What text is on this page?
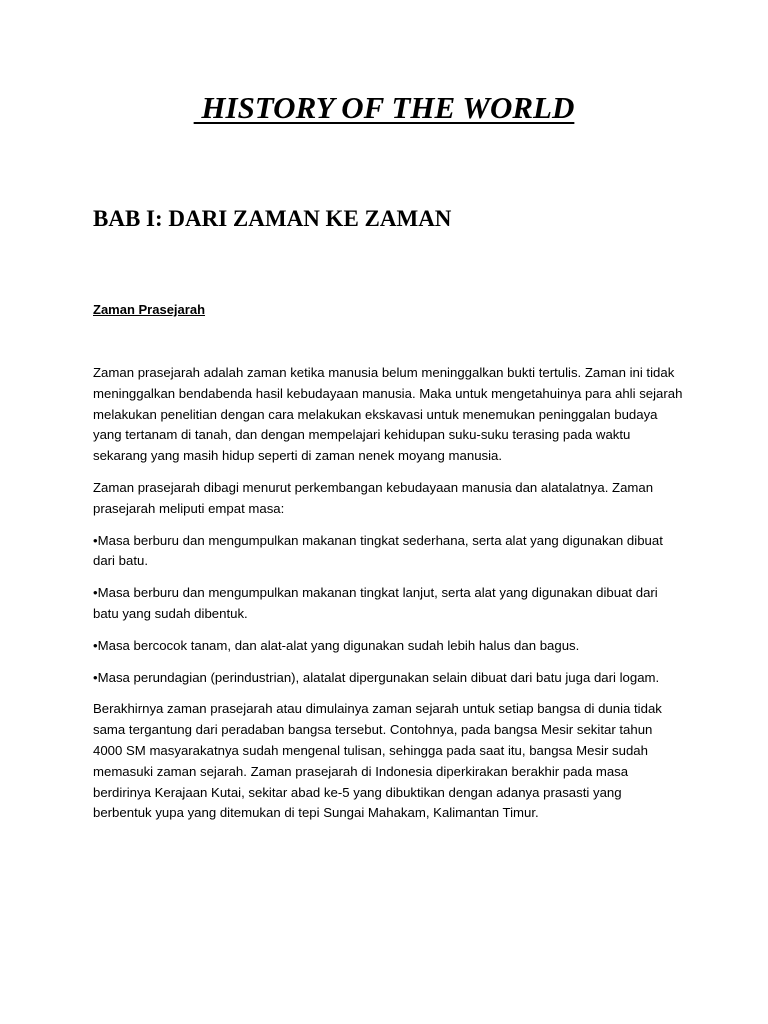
HISTORY OF THE WORLD
BAB I: DARI ZAMAN KE ZAMAN
Zaman Prasejarah

Zaman prasejarah adalah zaman ketika manusia belum meninggalkan bukti tertulis. Zaman ini tidak meninggalkan bendabenda hasil kebudayaan manusia. Maka untuk mengetahuinya para ahli sejarah melakukan penelitian dengan cara melakukan ekskavasi untuk menemukan peninggalan budaya yang tertanam di tanah, dan dengan mempelajari kehidupan suku-suku terasing pada waktu sekarang yang masih hidup seperti di zaman nenek moyang manusia.

Zaman prasejarah dibagi menurut perkembangan kebudayaan manusia dan alatalatnya. Zaman prasejarah meliputi empat masa:

•Masa berburu dan mengumpulkan makanan tingkat sederhana, serta alat yang digunakan dibuat dari batu.

•Masa berburu dan mengumpulkan makanan tingkat lanjut, serta alat yang digunakan dibuat dari batu yang sudah dibentuk.

•Masa bercocok tanam, dan alat-alat yang digunakan sudah lebih halus dan bagus.

•Masa perundagian (perindustrian), alatalat dipergunakan selain dibuat dari batu juga dari logam.

Berakhirnya zaman prasejarah atau dimulainya zaman sejarah untuk setiap bangsa di dunia tidak sama tergantung dari peradaban bangsa tersebut. Contohnya, pada bangsa Mesir sekitar tahun 4000 SM masyarakatnya sudah mengenal tulisan, sehingga pada saat itu, bangsa Mesir sudah memasuki zaman sejarah. Zaman prasejarah di Indonesia diperkirakan berakhir pada masa berdirinya Kerajaan Kutai, sekitar abad ke-5 yang dibuktikan dengan adanya prasasti yang berbentuk yupa yang ditemukan di tepi Sungai Mahakam, Kalimantan Timur.
